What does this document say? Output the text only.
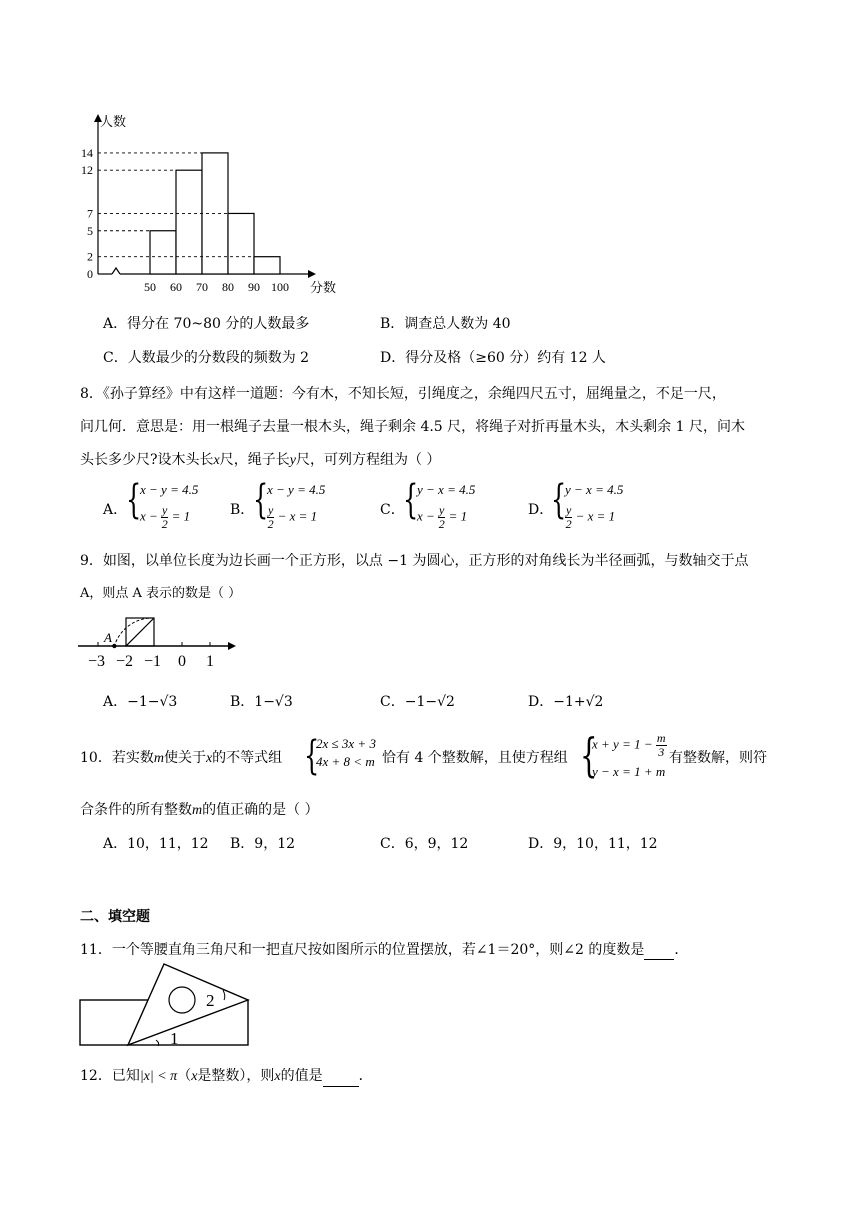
0
2
5
7
12
14
50 60 70 80 90 100
人数
分数
A．得分在 70~80 分的人数最多	B．调查总人数为 40
C．人数最少的分数段的频数为 2	D．得分及格（≥60 分）约有 12 人
8．《孙子算经》中有这样一道题：今有木，不知长短，引绳度之，余绳四尺五寸，屈绳量之，不足一尺，
问几何．意思是：用一根绳子去量一根木头，绳子剩余 4.5 尺，将绳子对折再量木头，木头剩余 1 尺，问木
头长多少尺?设木头长x尺，绳子长y尺，可列方程组为（ ）
A．
{
x − y = 4.5
$x - \frac{y}{2} = 1$	B．
{
x − y = 4.5
$\frac{y}{2} - x = 1$	C．
{
y − x = 4.5
$x - \frac{y}{2} = 1$	D．
{
y − x = 4.5
$\frac{y}{2} - x = 1$
9．如图，以单位长度为边长画一个正方形，以点 −1 为圆心，正方形的对角线长为半径画弧，与数轴交于点
A，则点 A 表示的数是（ ）
A
−3 −2 −1 0 1
A．−1−√3	B．1−√3	C．−1−√2	D．−1+√2
10．若实数m使关于x的不等式组 {
2x ≤ 3x + 3
4x + 8 < m 恰有 4 个整数解，且使方程组 {
$x + y = 1 - \frac{m}{3}$
y − x = 1 + m
有整数解，则符
合条件的所有整数m的值正确的是（ ）
A．10，11，12 B．9，12	C．6，9，12	D．9，10，11，12
二、填空题
11．一个等腰直角三角尺和一把直尺按如图所示的位置摆放，若∠1＝20°，则∠2 的度数是 ．
2
1
12．已知|x| < π（x是整数），则x的值是	．
